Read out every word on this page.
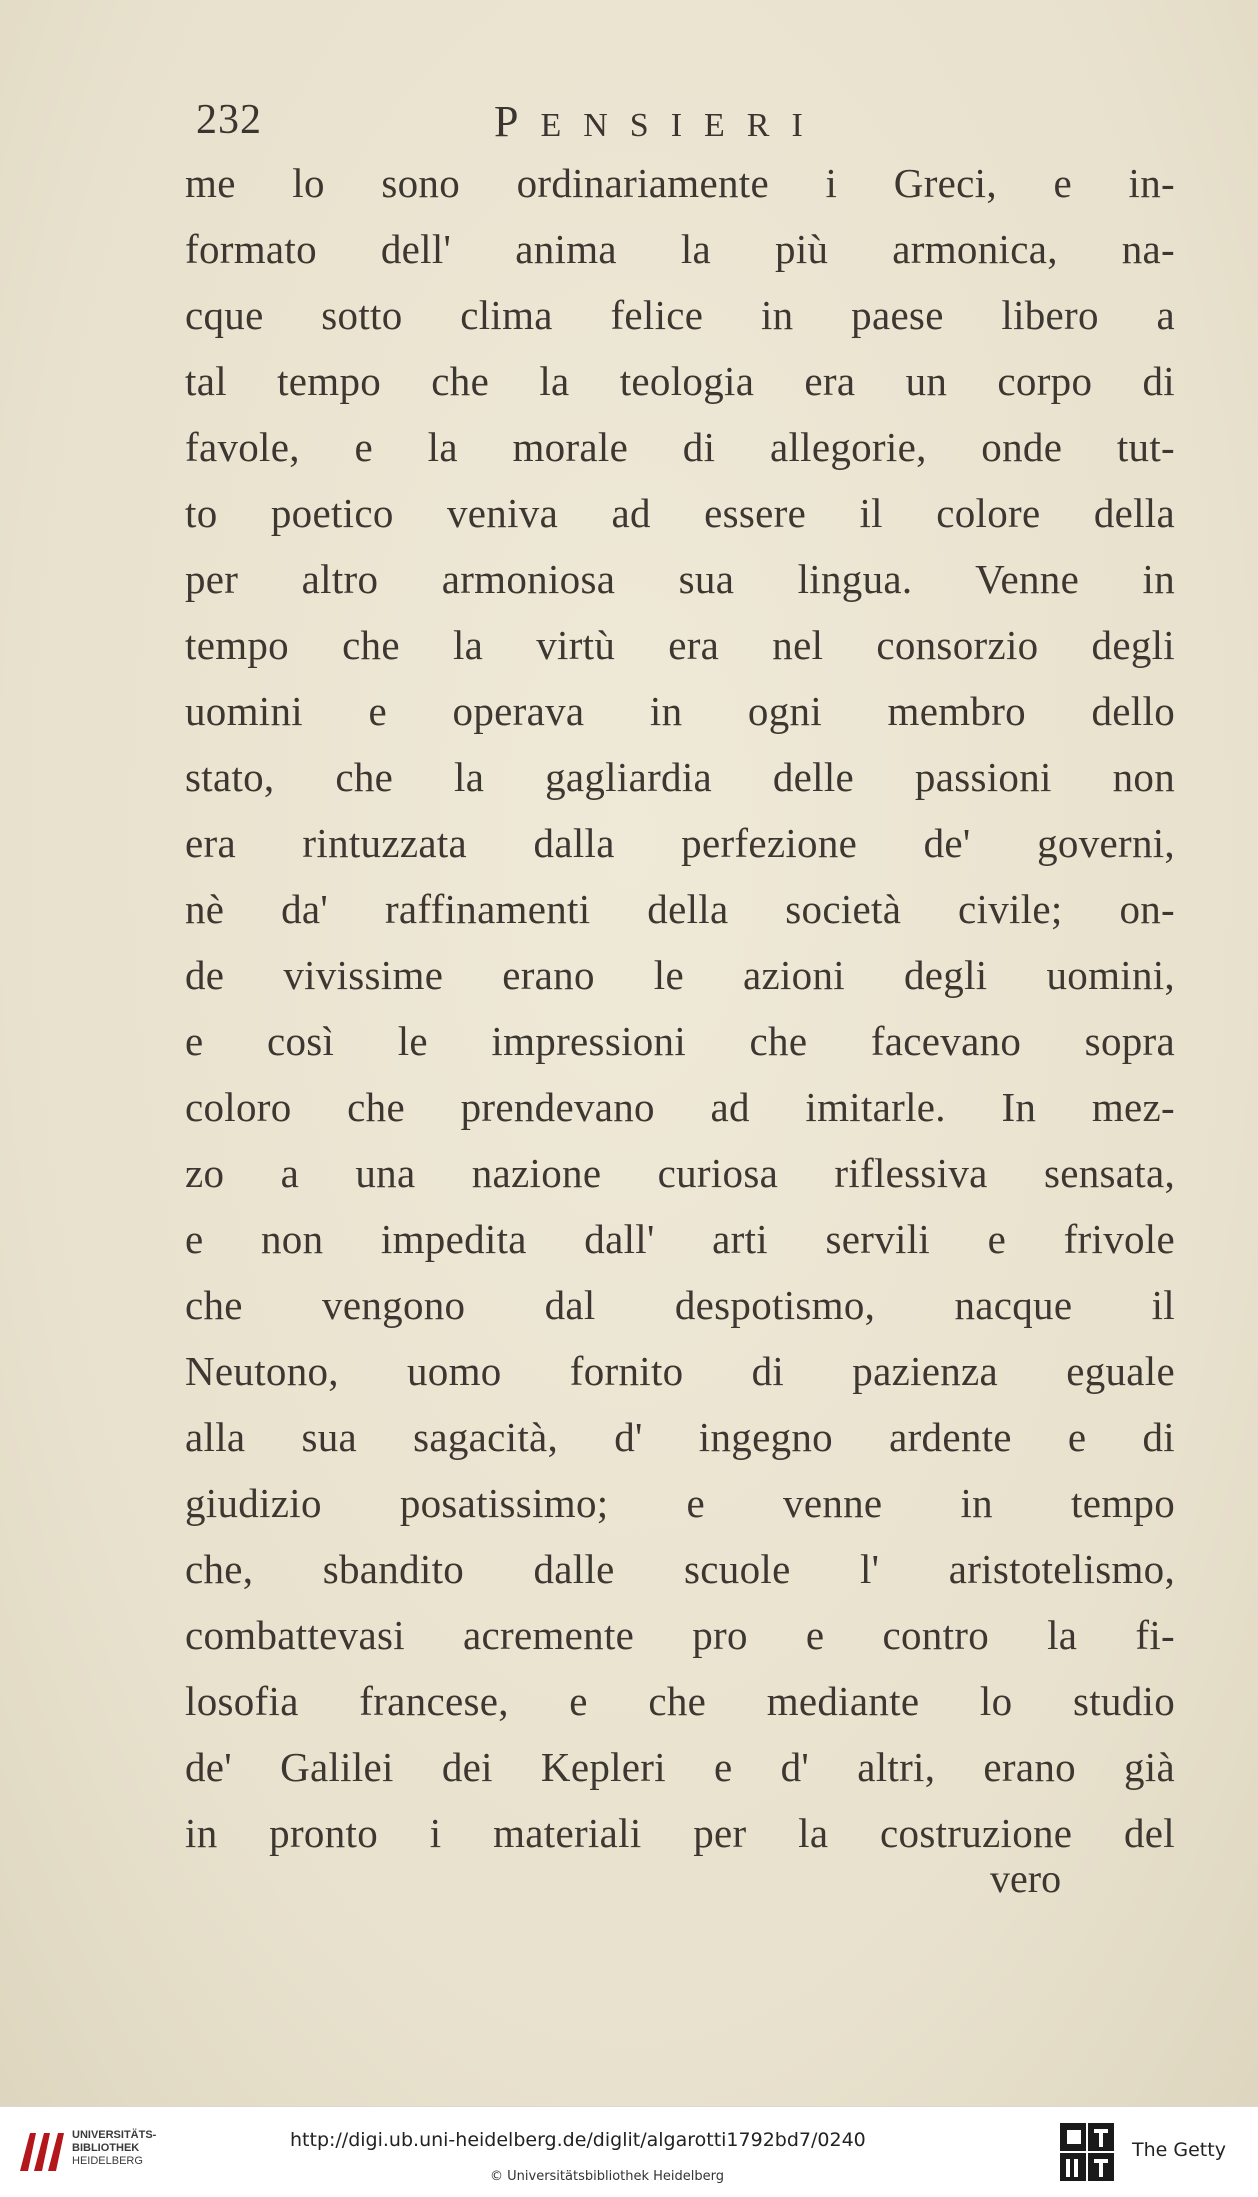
232	PENSIERI
me lo sono ordinariamente i Greci, e in-
formato dell' anima la più armonica, na-
cque sotto clima felice in paese libero a
tal tempo che la teologia era un corpo di
favole, e la morale di allegorie, onde tut-
to poetico veniva ad essere il colore della
per altro armoniosa sua lingua. Venne in
tempo che la virtù era nel consorzio degli
uomini e operava in ogni membro dello
stato, che la gagliardia delle passioni non
era rintuzzata dalla perfezione de' governi,
nè da' raffinamenti della società civile; on-
de vivissime erano le azioni degli uomini,
e così le impressioni che facevano sopra
coloro che prendevano ad imitarle. In mez-
zo a una nazione curiosa riflessiva sensata,
e non impedita dall' arti servili e frivole
che vengono dal despotismo, nacque il
Neutono, uomo fornito di pazienza eguale
alla sua sagacità, d' ingegno ardente e di
giudizio posatissimo; e venne in tempo
che, sbandito dalle scuole l' aristotelismo,
combattevasi acremente pro e contro la fi-
losofia francese, e che mediante lo studio
de' Galilei dei Kepleri e d' altri, erano già
in pronto i materiali per la costruzione del
vero
UNIVERSITÄTS-
BIBLIOTHEK
HEIDELBERG
http://digi.ub.uni-heidelberg.de/diglit/algarotti1792bd7/0240
© Universitätsbibliothek Heidelberg
The Getty
